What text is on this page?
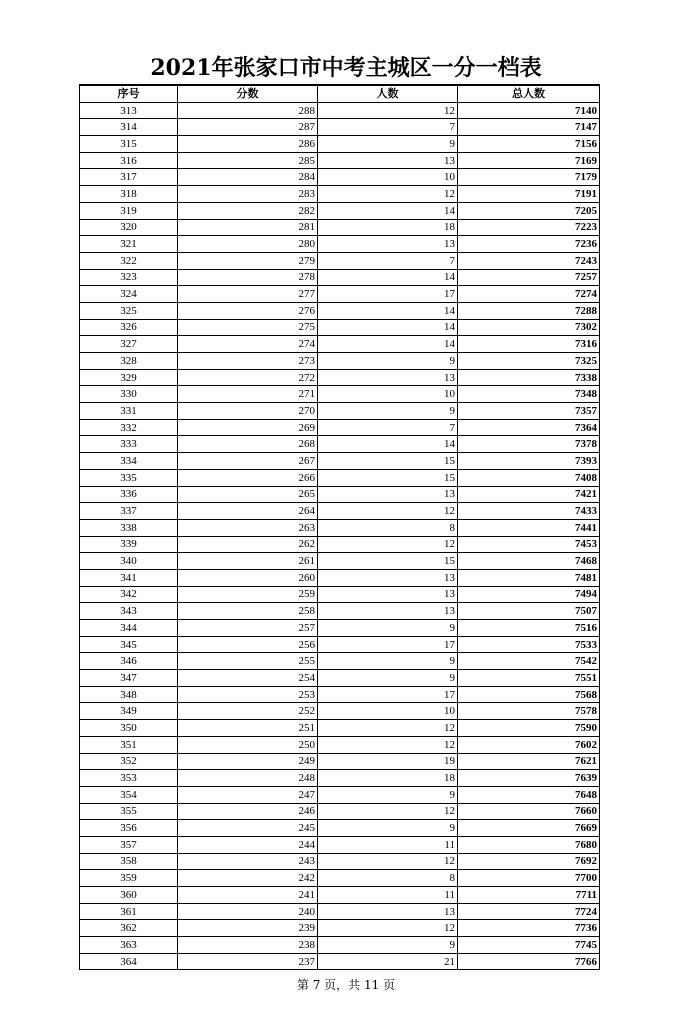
2021年张家口市中考主城区一分一档表
序号	分数	人数	总人数
313	288	12	7140
314	287	7	7147
315	286	9	7156
316	285	13	7169
317	284	10	7179
318	283	12	7191
319	282	14	7205
320	281	18	7223
321	280	13	7236
322	279	7	7243
323	278	14	7257
324	277	17	7274
325	276	14	7288
326	275	14	7302
327	274	14	7316
328	273	9	7325
329	272	13	7338
330	271	10	7348
331	270	9	7357
332	269	7	7364
333	268	14	7378
334	267	15	7393
335	266	15	7408
336	265	13	7421
337	264	12	7433
338	263	8	7441
339	262	12	7453
340	261	15	7468
341	260	13	7481
342	259	13	7494
343	258	13	7507
344	257	9	7516
345	256	17	7533
346	255	9	7542
347	254	9	7551
348	253	17	7568
349	252	10	7578
350	251	12	7590
351	250	12	7602
352	249	19	7621
353	248	18	7639
354	247	9	7648
355	246	12	7660
356	245	9	7669
357	244	11	7680
358	243	12	7692
359	242	8	7700
360	241	11	7711
361	240	13	7724
362	239	12	7736
363	238	9	7745
364	237	21	7766
第 7 页，共 11 页
